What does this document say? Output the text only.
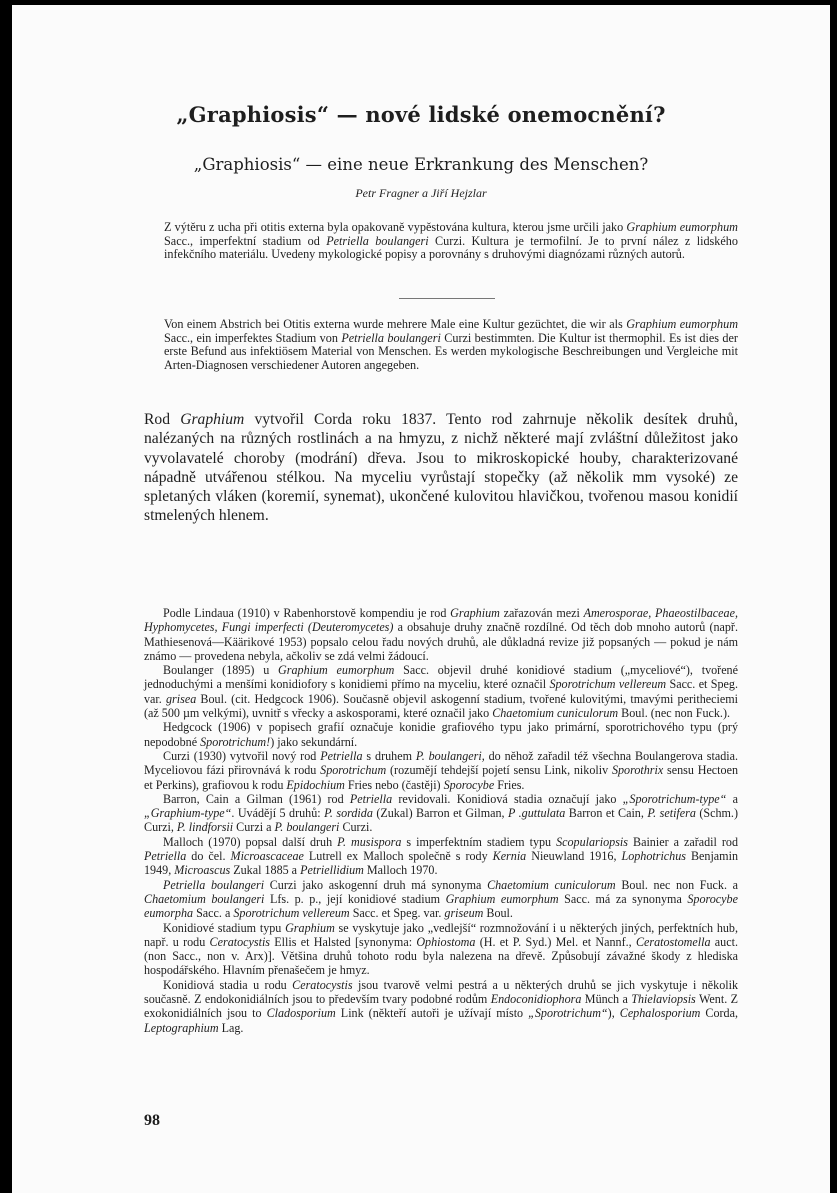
„Graphiosis“ — nové lidské onemocnění?
„Graphiosis“ — eine neue Erkrankung des Menschen?
Petr Fragner a Jiří Hejzlar

Z výtěru z ucha při otitis externa byla opakovaně vypěstována kultura, kterou jsme určili jako Graphium eumorphum Sacc., imperfektní stadium od Petriella boulangeri Curzi. Kultura je termofilní. Je to první nález z lidského infekčního materiálu. Uvedeny mykologické popisy a porovnány s druhovými diagnózami různých autorů.

Von einem Abstrich bei Otitis externa wurde mehrere Male eine Kultur gezüchtet, die wir als Graphium eumorphum Sacc., ein imperfektes Stadium von Petriella boulangeri Curzi bestimmten. Die Kultur ist thermophil. Es ist dies der erste Befund aus infektiösem Material von Menschen. Es werden mykologische Beschreibungen und Vergleiche mit Arten-Diagnosen verschiedener Autoren angegeben.

Rod Graphium vytvořil Corda roku 1837. Tento rod zahrnuje několik desítek druhů, nalézaných na různých rostlinách a na hmyzu, z nichž některé mají zvláštní důležitost jako vyvolavatelé choroby (modrání) dřeva. Jsou to mikroskopické houby, charakterizované nápadně utvářenou stélkou. Na myceliu vyrůstají stopečky (až několik mm vysoké) ze spletaných vláken (koremií, synemat), ukončené kulovitou hlavičkou, tvořenou masou konidií stmelených hlenem.

Podle Lindaua (1910) v Rabenhorstově kompendiu je rod Graphium zařazován mezi Amerosporae, Phaeostilbaceae, Hyphomycetes, Fungi imperfecti (Deuteromycetes) a obsahuje druhy značně rozdílné. Od těch dob mnoho autorů (např. Mathiesenová—Käärikové 1953) popsalo celou řadu nových druhů, ale důkladná revize již popsaných — pokud je nám známo — provedena nebyla, ačkoliv se zdá velmi žádoucí.

Boulanger (1895) u Graphium eumorphum Sacc. objevil druhé konidiové stadium („myceliové“), tvořené jednoduchými a menšími konidiofory s konidiemi přímo na myceliu, které označil Sporotrichum vellereum Sacc. et Speg. var. grisea Boul. (cit. Hedgcock 1906). Současně objevil askogenní stadium, tvořené kulovitými, tmavými peritheciemi (až 500 µm velkými), uvnitř s vřecky a askosporami, které označil jako Chaetomium cuniculorum Boul. (nec non Fuck.).

Hedgcock (1906) v popisech grafií označuje konidie grafiového typu jako primární, sporotrichového typu (prý nepodobné Sporotrichum!) jako sekundární.

Curzi (1930) vytvořil nový rod Petriella s druhem P. boulangeri, do něhož zařadil též všechna Boulangerova stadia. Myceliovou fázi přirovnává k rodu Sporotrichum (rozumějí tehdejší pojetí sensu Link, nikoliv Sporothrix sensu Hectoen et Perkins), grafiovou k rodu Epidochium Fries nebo (častěji) Sporocybe Fries.

Barron, Cain a Gilman (1961) rod Petriella revidovali. Konidiová stadia označují jako „Sporotrichum-type“ a „Graphium-type“. Uvádějí 5 druhů: P. sordida (Zukal) Barron et Gilman, P .guttulata Barron et Cain, P. setifera (Schm.) Curzi, P. lindforsii Curzi a P. boulangeri Curzi.

Malloch (1970) popsal další druh P. musispora s imperfektním stadiem typu Scopulariopsis Bainier a zařadil rod Petriella do čel. Microascaceae Lutrell ex Malloch společně s rody Kernia Nieuwland 1916, Lophotrichus Benjamin 1949, Microascus Zukal 1885 a Petriellidium Malloch 1970.

Petriella boulangeri Curzi jako askogenní druh má synonyma Chaetomium cuniculorum Boul. nec non Fuck. a Chaetomium boulangeri Lfs. p. p., její konidiové stadium Graphium eumorphum Sacc. má za synonyma Sporocybe eumorpha Sacc. a Sporotrichum vellereum Sacc. et Speg. var. griseum Boul.

Konidiové stadium typu Graphium se vyskytuje jako „vedlejší“ rozmnožování i u některých jiných, perfektních hub, např. u rodu Ceratocystis Ellis et Halsted [synonyma: Ophiostoma (H. et P. Syd.) Mel. et Nannf., Ceratostomella auct. (non Sacc., non v. Arx)]. Většina druhů tohoto rodu byla nalezena na dřevě. Způsobují závažné škody z hlediska hospodářského. Hlavním přenašečem je hmyz.

Konidiová stadia u rodu Ceratocystis jsou tvarově velmi pestrá a u některých druhů se jich vyskytuje i několik současně. Z endokonidiálních jsou to především tvary podobné rodům Endoconidiophora Münch a Thielaviopsis Went. Z exokonidiálních jsou to Cladosporium Link (někteří autoři je užívají místo „Sporotrichum“), Cephalosporium Corda, Leptographium Lag.

98
